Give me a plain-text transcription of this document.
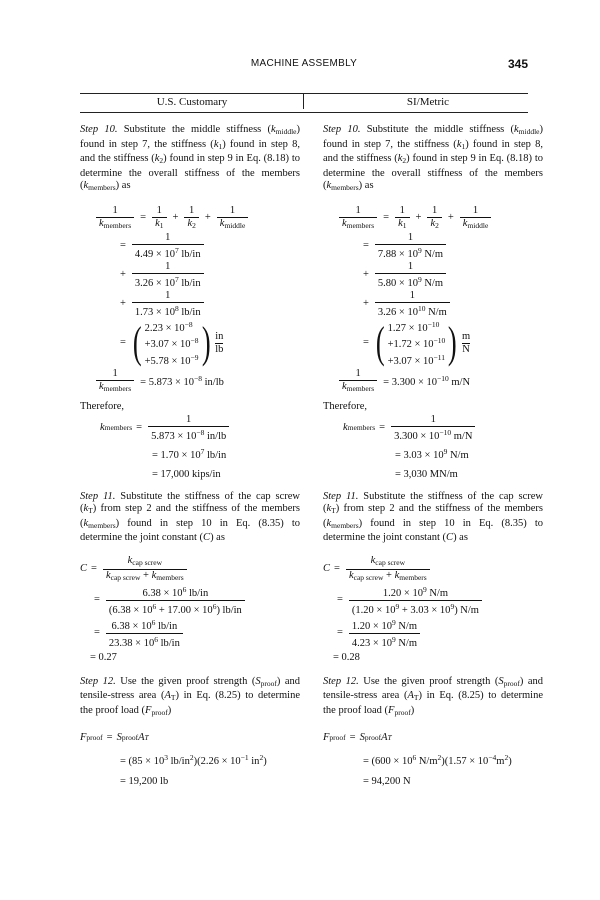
MACHINE ASSEMBLY	345
U.S. Customary	SI/Metric
Step 10. Substitute the middle stiffness $(k_{middle})$ found in step 7, the stiffness $(k_1)$ found in step 8, and the stiffness $(k_2)$ found in step 9 in Eq. (8.18) to determine the overall stiffness of the members $(k_{members})$ as
$\frac{1}{k_{members}} = \frac{1}{k_1} + \frac{1}{k_2} + \frac{1}{k_{middle}}$
= $\frac{1}{4.49 \times 10^7 lb/in}$
+ $\frac{1}{3.26 \times 10^7 lb/in}$
+ $\frac{1}{1.73 \times 10^8 lb/in}$
= ( $2.23 \times 10^{-8}$
$+3.07 \times 10^{-8}$
$+5.78 \times 10^{-9}$ ) in
lb
$\frac{1}{k_{members}} = 5.873 \times 10^{-8}$ in/lb
Therefore,
k members = $\frac{1}{5.873 \times 10^{-8} in/lb}$
= $1.70 \times 10^7$ lb/in
= 17,000 kips/in
Step 11. Substitute the stiffness of the cap screw $(k_T)$ from step 2 and the stiffness of the members $(k_{members})$ found in step 10 in Eq. (8.35) to determine the joint constant (C) as
$C = \frac{k_{cap screw}}{k_{cap screw} + k_{members}}$
= $\frac{6.38 \times 10^6 lb/in}{(6.38 \times 10^6 + 17.00 \times 10^6) lb/in}$
= $\frac{6.38 \times 10^6 lb/in}{23.38 \times 10^6 lb/in}$
= 0.27
Step 12. Use the given proof strength $(S_{proof})$ and tensile-stress area $(A_T)$ in Eq. (8.25) to determine the proof load $(F_{proof})$
F proof = S proof A T
= ($85 \times 10^3$ $lb/in^2)(2.26 \times 10^{-1}$ $in^2$)
= 19,200 lb
Step 10. Substitute the middle stiffness $(k_{middle})$ found in step 7, the stiffness $(k_1)$ found in step 8, and the stiffness $(k_2)$ found in step 9 in Eq. (8.18) to determine the overall stiffness of the members $(k_{members})$ as
$\frac{1}{k_{members}} = \frac{1}{k_1} + \frac{1}{k_2} + \frac{1}{k_{middle}}$
= $\frac{1}{7.88 \times 10^9 N/m}$
+ $\frac{1}{5.80 \times 10^9 N/m}$
+ $\frac{1}{3.26 \times 10^{10} N/m}$
= ( $1.27 \times 10^{-10}$
$+1.72 \times 10^{-10}$
$+3.07 \times 10^{-11}$ ) m
N
$\frac{1}{k_{members}} = 3.300 \times 10^{-10}$ m/N
Therefore,
k members = $\frac{1}{3.300 \times 10^{-10} m/N}$
= $3.03 \times 10^9$ N/m
= 3,030 MN/m
Step 11. Substitute the stiffness of the cap screw $(k_T)$ from step 2 and the stiffness of the members $(k_{members})$ found in step 10 in Eq. (8.35) to determine the joint constant (C) as
$C = \frac{k_{cap screw}}{k_{cap screw} + k_{members}}$
= $\frac{1.20 \times 10^9 N/m}{(1.20 \times 10^9 + 3.03 \times 10^9) N/m}$
= $\frac{1.20 \times 10^9 N/m}{4.23 \times 10^9 N/m}$
= 0.28
Step 12. Use the given proof strength $(S_{proof})$ and tensile-stress area $(A_T)$ in Eq. (8.25) to determine the proof load $(F_{proof})$
F proof = S proof A T
= ($600 \times 10^6$ $N/m^2)(1.57 \times 10^{-4}m^2)$
= 94,200 N
